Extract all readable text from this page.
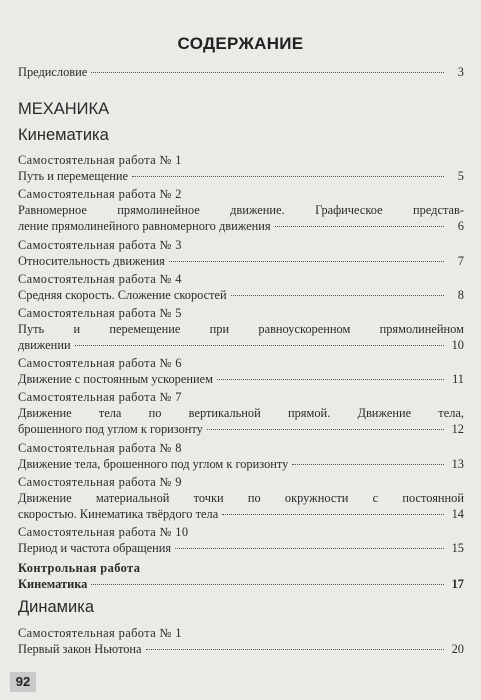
СОДЕРЖАНИЕ
Предисловие	3
МЕХАНИКА
Кинематика
Самостоятельная работа № 1
Путь и перемещение	5
Самостоятельная работа № 2
Равномерное прямолинейное движение. Графическое представ-
ление прямолинейного равномерного движения	6
Самостоятельная работа № 3
Относительность движения	7
Самостоятельная работа № 4
Средняя скорость. Сложение скоростей	8
Самостоятельная работа № 5
Путь и перемещение при равноускоренном прямолинейном
движении	10
Самостоятельная работа № 6
Движение с постоянным ускорением	11
Самостоятельная работа № 7
Движение тела по вертикальной прямой. Движение тела,
брошенного под углом к горизонту	12
Самостоятельная работа № 8
Движение тела, брошенного под углом к горизонту	13
Самостоятельная работа № 9
Движение материальной точки по окружности с постоянной
скоростью. Кинематика твёрдого тела	14
Самостоятельная работа № 10
Период и частота обращения	15
Контрольная работа
Кинематика	17
Динамика
Самостоятельная работа № 1
Первый закон Ньютона	20
92
